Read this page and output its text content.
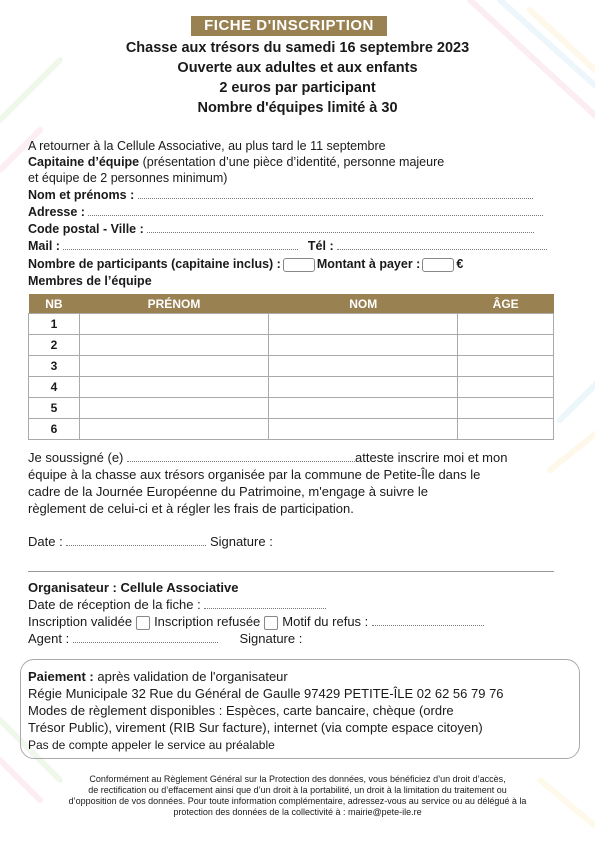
FICHE D'INSCRIPTION
Chasse aux trésors du samedi 16 septembre 2023
Ouverte aux adultes et aux enfants
2 euros par participant
Nombre d'équipes limité à 30
A retourner à la Cellule Associative, au plus tard le 11 septembre
Capitaine d’équipe (présentation d’une pièce d’identité, personne majeure
et équipe de 2 personnes minimum)
Nom et prénoms :
Adresse :
Code postal - Ville :
Mail :	Tél :
Nombre de participants (capitaine inclus) :	Montant à payer :	€
Membres de l’équipe
NB	PRÉNOM	NOM	ÂGE
1			
2			
3			
4			
5			
6			
Je soussigné (e)	atteste inscrire moi et mon
équipe à la chasse aux trésors organisée par la commune de Petite-Île dans le
cadre de la Journée Européenne du Patrimoine, m'engage à suivre le
règlement de celui-ci et à régler les frais de participation.
Date :	Signature :
Organisateur : Cellule Associative
Date de réception de la fiche :
Inscription validée Inscription refusée Motif du refus :
Agent :	Signature :
Paiement : après validation de l'organisateur
Régie Municipale 32 Rue du Général de Gaulle 97429 PETITE-ÎLE 02 62 56 79 76
Modes de règlement disponibles : Espèces, carte bancaire, chèque (ordre
Trésor Public), virement (RIB Sur facture), internet (via compte espace citoyen)
Pas de compte appeler le service au préalable
Conformément au Règlement Général sur la Protection des données, vous bénéficiez d’un droit d’accès,
de rectification ou d’effacement ainsi que d’un droit à la portabilité, un droit à la limitation du traitement ou
d’opposition de vos données. Pour toute information complémentaire, adressez-vous au service ou au délégué à la
protection des données de la collectivité à : mairie@pete-ile.re
